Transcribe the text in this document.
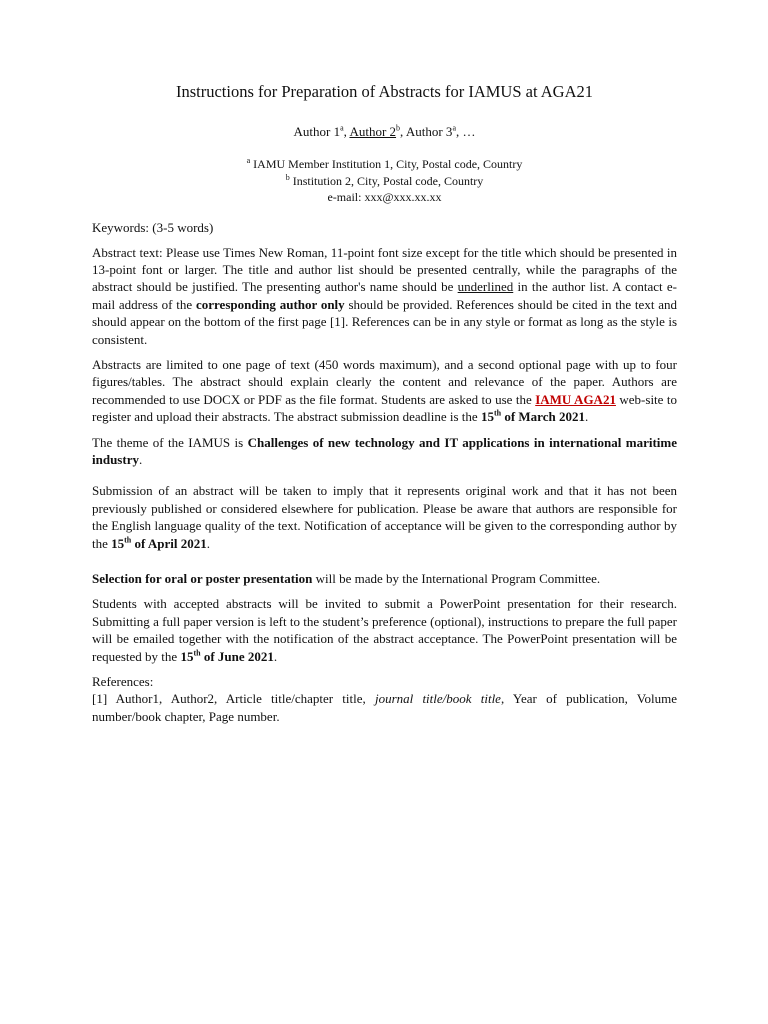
Instructions for Preparation of Abstracts for IAMUS at AGA21
Author 1$^a$, Author 2$^b$, Author 3$^a$, …
$^a$ IAMU Member Institution 1, City, Postal code, Country
$^b$ Institution 2, City, Postal code, Country
e-mail: xxx@xxx.xx.xx
Keywords: (3-5 words)

Abstract text: Please use Times New Roman, 11-point font size except for the title which should be presented in 13-point font or larger. The title and author list should be presented centrally, while the paragraphs of the abstract should be justified. The presenting author's name should be underlined in the author list. A contact e-mail address of the corresponding author only should be provided. References should be cited in the text and should appear on the bottom of the first page [1]. References can be in any style or format as long as the style is consistent.

Abstracts are limited to one page of text (450 words maximum), and a second optional page with up to four figures/tables. The abstract should explain clearly the content and relevance of the paper. Authors are recommended to use DOCX or PDF as the file format. Students are asked to use the IAMU AGA21 web-site to register and upload their abstracts. The abstract submission deadline is the 15th of March 2021.

The theme of the IAMUS is Challenges of new technology and IT applications in international maritime industry.

Submission of an abstract will be taken to imply that it represents original work and that it has not been previously published or considered elsewhere for publication. Please be aware that authors are responsible for the English language quality of the text. Notification of acceptance will be given to the corresponding author by the 15th of April 2021.

Selection for oral or poster presentation will be made by the International Program Committee.

Students with accepted abstracts will be invited to submit a PowerPoint presentation for their research. Submitting a full paper version is left to the student’s preference (optional), instructions to prepare the full paper will be emailed together with the notification of the abstract acceptance. The PowerPoint presentation will be requested by the 15th of June 2021.

References:

[1] Author1, Author2, Article title/chapter title, journal title/book title, Year of publication, Volume number/book chapter, Page number.
